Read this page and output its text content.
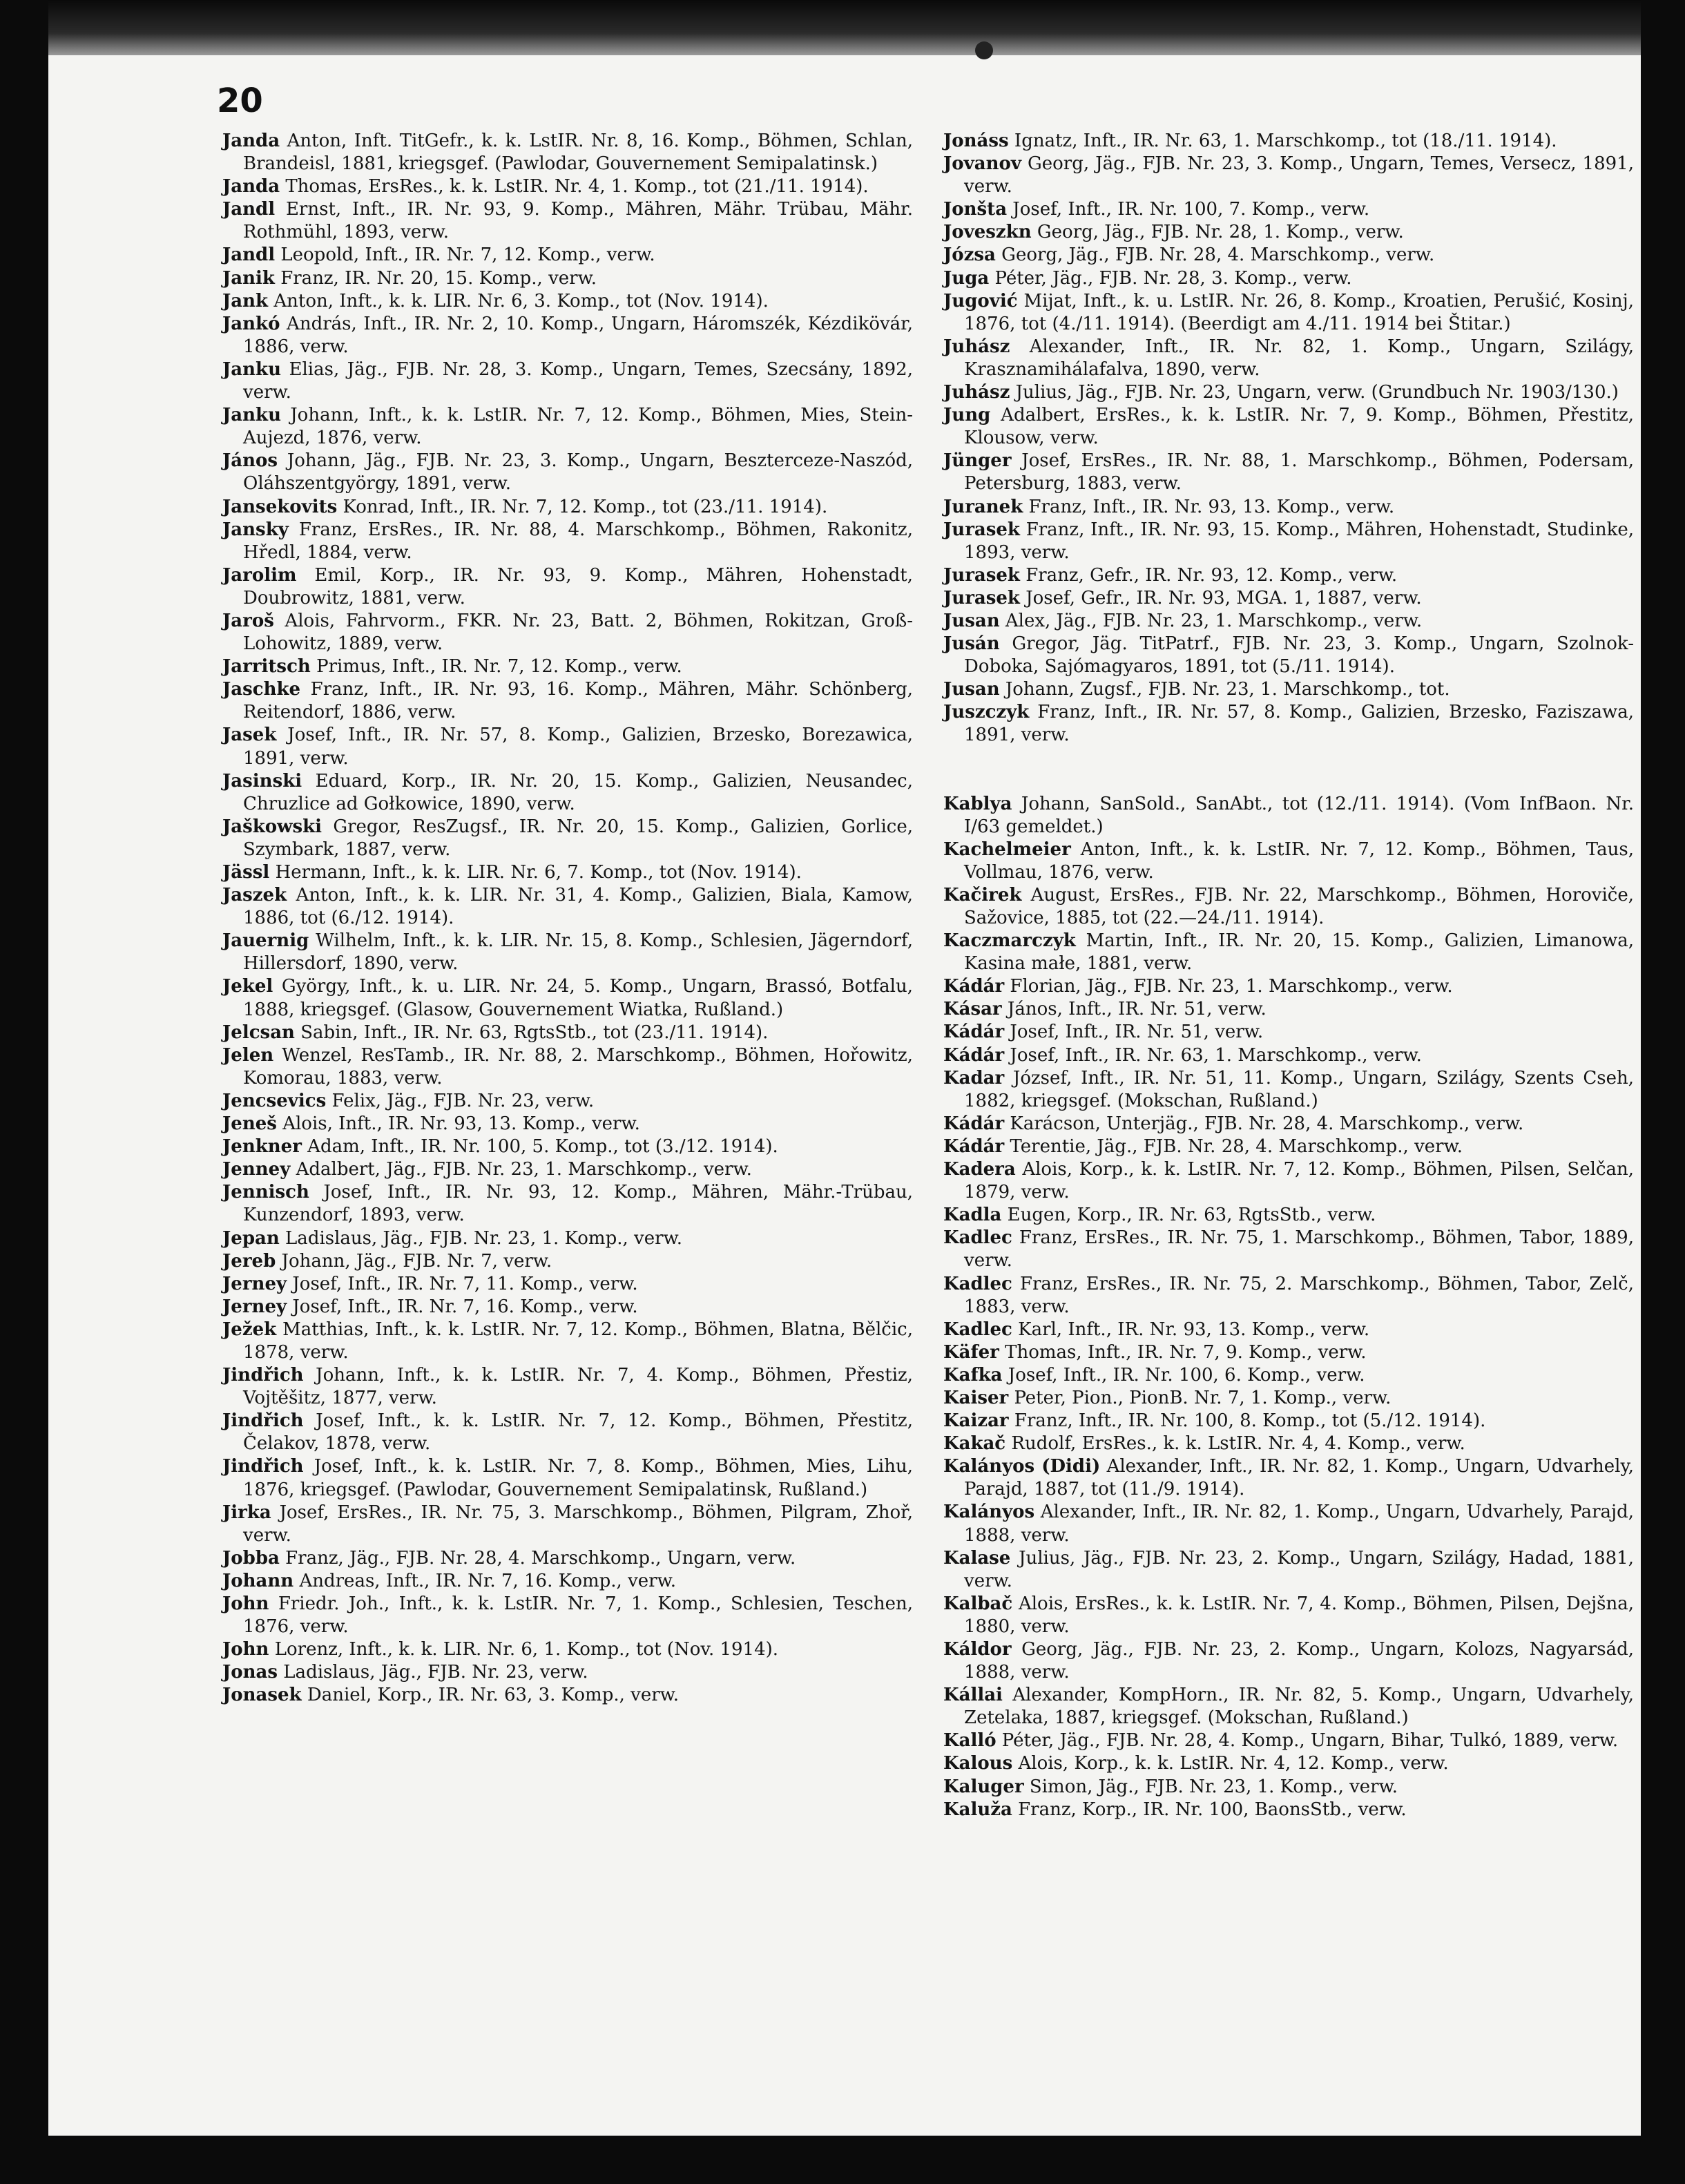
20

Janda Anton, Inft. TitGefr., k. k. LstIR. Nr. 8, 16. Komp., Böhmen, Schlan, Brandeisl, 1881, kriegsgef. (Pawlodar, Gouvernement Semipalatinsk.)

Janda Thomas, ErsRes., k. k. LstIR. Nr. 4, 1. Komp., tot (21./11. 1914).

Jandl Ernst, Inft., IR. Nr. 93, 9. Komp., Mähren, Mähr. Trübau, Mähr. Rothmühl, 1893, verw.

Jandl Leopold, Inft., IR. Nr. 7, 12. Komp., verw.

Janik Franz, IR. Nr. 20, 15. Komp., verw.

Jank Anton, Inft., k. k. LIR. Nr. 6, 3. Komp., tot (Nov. 1914).

Jankó András, Inft., IR. Nr. 2, 10. Komp., Ungarn, Háromszék, Kézdikövár, 1886, verw.

Janku Elias, Jäg., FJB. Nr. 28, 3. Komp., Ungarn, Temes, Szecsány, 1892, verw.

Janku Johann, Inft., k. k. LstIR. Nr. 7, 12. Komp., Böhmen, Mies, Stein-Aujezd, 1876, verw.

János Johann, Jäg., FJB. Nr. 23, 3. Komp., Ungarn, Beszterceze-Naszód, Oláhszentgyörgy, 1891, verw.

Jansekovits Konrad, Inft., IR. Nr. 7, 12. Komp., tot (23./11. 1914).

Jansky Franz, ErsRes., IR. Nr. 88, 4. Marschkomp., Böhmen, Rakonitz, Hředl, 1884, verw.

Jarolim Emil, Korp., IR. Nr. 93, 9. Komp., Mähren, Hohenstadt, Doubrowitz, 1881, verw.

Jaroš Alois, Fahrvorm., FKR. Nr. 23, Batt. 2, Böhmen, Rokitzan, Groß-Lohowitz, 1889, verw.

Jarritsch Primus, Inft., IR. Nr. 7, 12. Komp., verw.

Jaschke Franz, Inft., IR. Nr. 93, 16. Komp., Mähren, Mähr. Schönberg, Reitendorf, 1886, verw.

Jasek Josef, Inft., IR. Nr. 57, 8. Komp., Galizien, Brzesko, Borezawica, 1891, verw.

Jasinski Eduard, Korp., IR. Nr. 20, 15. Komp., Galizien, Neusandec, Chruzlice ad Gołkowice, 1890, verw.

Jaškowski Gregor, ResZugsf., IR. Nr. 20, 15. Komp., Galizien, Gorlice, Szymbark, 1887, verw.

Jässl Hermann, Inft., k. k. LIR. Nr. 6, 7. Komp., tot (Nov. 1914).

Jaszek Anton, Inft., k. k. LIR. Nr. 31, 4. Komp., Galizien, Biala, Kamow, 1886, tot (6./12. 1914).

Jauernig Wilhelm, Inft., k. k. LIR. Nr. 15, 8. Komp., Schlesien, Jägerndorf, Hillersdorf, 1890, verw.

Jekel György, Inft., k. u. LIR. Nr. 24, 5. Komp., Ungarn, Brassó, Botfalu, 1888, kriegsgef. (Glasow, Gouvernement Wiatka, Rußland.)

Jelcsan Sabin, Inft., IR. Nr. 63, RgtsStb., tot (23./11. 1914).

Jelen Wenzel, ResTamb., IR. Nr. 88, 2. Marschkomp., Böhmen, Hořowitz, Komorau, 1883, verw.

Jencsevics Felix, Jäg., FJB. Nr. 23, verw.

Jeneš Alois, Inft., IR. Nr. 93, 13. Komp., verw.

Jenkner Adam, Inft., IR. Nr. 100, 5. Komp., tot (3./12. 1914).

Jenney Adalbert, Jäg., FJB. Nr. 23, 1. Marschkomp., verw.

Jennisch Josef, Inft., IR. Nr. 93, 12. Komp., Mähren, Mähr.-Trübau, Kunzendorf, 1893, verw.

Jepan Ladislaus, Jäg., FJB. Nr. 23, 1. Komp., verw.

Jereb Johann, Jäg., FJB. Nr. 7, verw.

Jerney Josef, Inft., IR. Nr. 7, 11. Komp., verw.

Jerney Josef, Inft., IR. Nr. 7, 16. Komp., verw.

Ježek Matthias, Inft., k. k. LstIR. Nr. 7, 12. Komp., Böhmen, Blatna, Bělčic, 1878, verw.

Jindřich Johann, Inft., k. k. LstIR. Nr. 7, 4. Komp., Böhmen, Přestiz, Vojtěšitz, 1877, verw.

Jindřich Josef, Inft., k. k. LstIR. Nr. 7, 12. Komp., Böhmen, Přestitz, Čelakov, 1878, verw.

Jindřich Josef, Inft., k. k. LstIR. Nr. 7, 8. Komp., Böhmen, Mies, Lihu, 1876, kriegsgef. (Pawlodar, Gouvernement Semipalatinsk, Rußland.)

Jirka Josef, ErsRes., IR. Nr. 75, 3. Marschkomp., Böhmen, Pilgram, Zhoř, verw.

Jobba Franz, Jäg., FJB. Nr. 28, 4. Marschkomp., Ungarn, verw.

Johann Andreas, Inft., IR. Nr. 7, 16. Komp., verw.

John Friedr. Joh., Inft., k. k. LstIR. Nr. 7, 1. Komp., Schlesien, Teschen, 1876, verw.

John Lorenz, Inft., k. k. LIR. Nr. 6, 1. Komp., tot (Nov. 1914).

Jonas Ladislaus, Jäg., FJB. Nr. 23, verw.

Jonasek Daniel, Korp., IR. Nr. 63, 3. Komp., verw.

Jonáss Ignatz, Inft., IR. Nr. 63, 1. Marschkomp., tot (18./11. 1914).

Jovanov Georg, Jäg., FJB. Nr. 23, 3. Komp., Ungarn, Temes, Versecz, 1891, verw.

Jonšta Josef, Inft., IR. Nr. 100, 7. Komp., verw.

Joveszkn Georg, Jäg., FJB. Nr. 28, 1. Komp., verw.

Józsa Georg, Jäg., FJB. Nr. 28, 4. Marschkomp., verw.

Juga Péter, Jäg., FJB. Nr. 28, 3. Komp., verw.

Jugović Mijat, Inft., k. u. LstIR. Nr. 26, 8. Komp., Kroatien, Perušić, Kosinj, 1876, tot (4./11. 1914). (Beerdigt am 4./11. 1914 bei Štitar.)

Juhász Alexander, Inft., IR. Nr. 82, 1. Komp., Ungarn, Szilágy, Krasznamihálafalva, 1890, verw.

Juhász Julius, Jäg., FJB. Nr. 23, Ungarn, verw. (Grundbuch Nr. 1903/130.)

Jung Adalbert, ErsRes., k. k. LstIR. Nr. 7, 9. Komp., Böhmen, Přestitz, Klousow, verw.

Jünger Josef, ErsRes., IR. Nr. 88, 1. Marschkomp., Böhmen, Podersam, Petersburg, 1883, verw.

Juranek Franz, Inft., IR. Nr. 93, 13. Komp., verw.

Jurasek Franz, Inft., IR. Nr. 93, 15. Komp., Mähren, Hohenstadt, Studinke, 1893, verw.

Jurasek Franz, Gefr., IR. Nr. 93, 12. Komp., verw.

Jurasek Josef, Gefr., IR. Nr. 93, MGA. 1, 1887, verw.

Jusan Alex, Jäg., FJB. Nr. 23, 1. Marschkomp., verw.

Jusán Gregor, Jäg. TitPatrf., FJB. Nr. 23, 3. Komp., Ungarn, Szolnok-Doboka, Sajómagyaros, 1891, tot (5./11. 1914).

Jusan Johann, Zugsf., FJB. Nr. 23, 1. Marschkomp., tot.

Juszczyk Franz, Inft., IR. Nr. 57, 8. Komp., Galizien, Brzesko, Faziszawa, 1891, verw.

Kablya Johann, SanSold., SanAbt., tot (12./11. 1914). (Vom InfBaon. Nr. I/63 gemeldet.)

Kachelmeier Anton, Inft., k. k. LstIR. Nr. 7, 12. Komp., Böhmen, Taus, Vollmau, 1876, verw.

Kačirek August, ErsRes., FJB. Nr. 22, Marschkomp., Böhmen, Horoviče, Sažovice, 1885, tot (22.—24./11. 1914).

Kaczmarczyk Martin, Inft., IR. Nr. 20, 15. Komp., Galizien, Limanowa, Kasina małe, 1881, verw.

Kádár Florian, Jäg., FJB. Nr. 23, 1. Marschkomp., verw.

Kásar János, Inft., IR. Nr. 51, verw.

Kádár Josef, Inft., IR. Nr. 51, verw.

Kádár Josef, Inft., IR. Nr. 63, 1. Marschkomp., verw.

Kadar József, Inft., IR. Nr. 51, 11. Komp., Ungarn, Szilágy, Szents Cseh, 1882, kriegsgef. (Mokschan, Rußland.)

Kádár Karácson, Unterjäg., FJB. Nr. 28, 4. Marschkomp., verw.

Kádár Terentie, Jäg., FJB. Nr. 28, 4. Marschkomp., verw.

Kadera Alois, Korp., k. k. LstIR. Nr. 7, 12. Komp., Böhmen, Pilsen, Selčan, 1879, verw.

Kadla Eugen, Korp., IR. Nr. 63, RgtsStb., verw.

Kadlec Franz, ErsRes., IR. Nr. 75, 1. Marschkomp., Böhmen, Tabor, 1889, verw.

Kadlec Franz, ErsRes., IR. Nr. 75, 2. Marschkomp., Böhmen, Tabor, Zelč, 1883, verw.

Kadlec Karl, Inft., IR. Nr. 93, 13. Komp., verw.

Käfer Thomas, Inft., IR. Nr. 7, 9. Komp., verw.

Kafka Josef, Inft., IR. Nr. 100, 6. Komp., verw.

Kaiser Peter, Pion., PionB. Nr. 7, 1. Komp., verw.

Kaizar Franz, Inft., IR. Nr. 100, 8. Komp., tot (5./12. 1914).

Kakač Rudolf, ErsRes., k. k. LstIR. Nr. 4, 4. Komp., verw.

Kalányos (Didi) Alexander, Inft., IR. Nr. 82, 1. Komp., Ungarn, Udvarhely, Parajd, 1887, tot (11./9. 1914).

Kalányos Alexander, Inft., IR. Nr. 82, 1. Komp., Ungarn, Udvarhely, Parajd, 1888, verw.

Kalase Julius, Jäg., FJB. Nr. 23, 2. Komp., Ungarn, Szilágy, Hadad, 1881, verw.

Kalbač Alois, ErsRes., k. k. LstIR. Nr. 7, 4. Komp., Böhmen, Pilsen, Dejšna, 1880, verw.

Káldor Georg, Jäg., FJB. Nr. 23, 2. Komp., Ungarn, Kolozs, Nagyarsád, 1888, verw.

Kállai Alexander, KompHorn., IR. Nr. 82, 5. Komp., Ungarn, Udvarhely, Zetelaka, 1887, kriegsgef. (Mokschan, Rußland.)

Kalló Péter, Jäg., FJB. Nr. 28, 4. Komp., Ungarn, Bihar, Tulkó, 1889, verw.

Kalous Alois, Korp., k. k. LstIR. Nr. 4, 12. Komp., verw.

Kaluger Simon, Jäg., FJB. Nr. 23, 1. Komp., verw.

Kaluža Franz, Korp., IR. Nr. 100, BaonsStb., verw.
